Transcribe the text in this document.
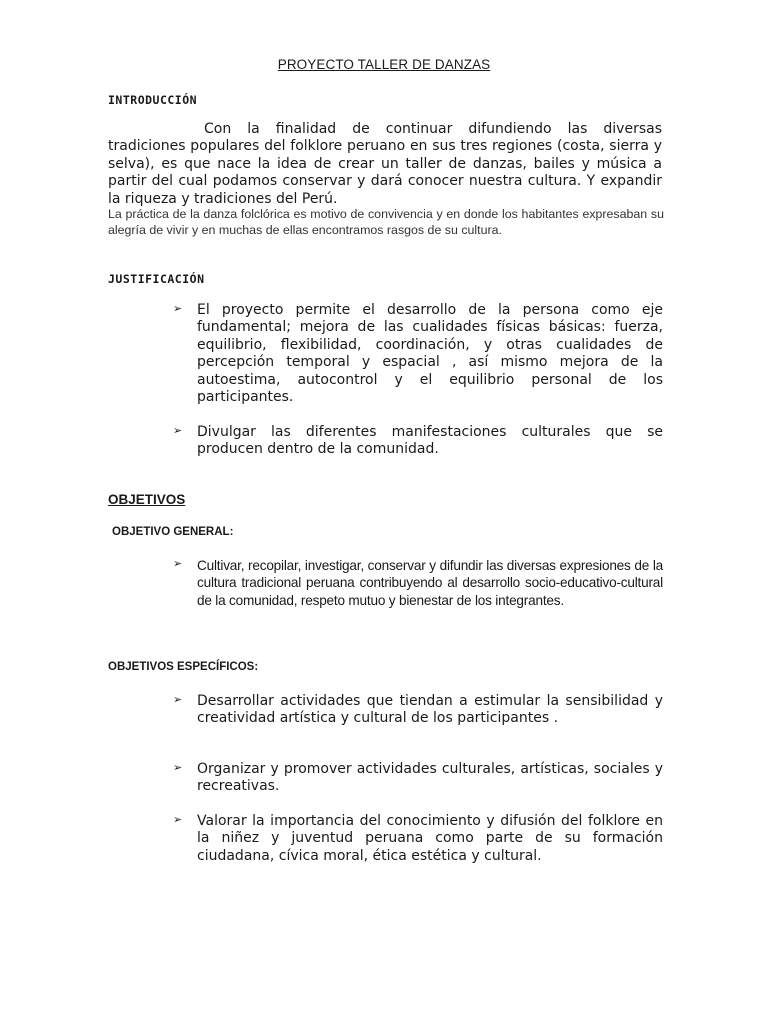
PROYECTO TALLER DE DANZAS
INTRODUCCIÓN

Con la finalidad de continuar difundiendo las diversas tradiciones populares del folklore peruano en sus tres regiones (costa, sierra y selva), es que nace la idea de crear un taller de danzas, bailes y música a partir del cual podamos conservar y dará conocer nuestra cultura. Y expandir la riqueza y tradiciones del Perú.

La práctica de la danza folclórica es motivo de convivencia y en donde los habitantes expresaban su alegría de vivir y en muchas de ellas encontramos rasgos de su cultura.

JUSTIFICACIÓN
➢	El proyecto permite el desarrollo de la persona como eje fundamental; mejora de las cualidades físicas básicas: fuerza, equilibrio, flexibilidad, coordinación, y otras cualidades de percepción temporal y espacial , así mismo mejora de la autoestima, autocontrol y el equilibrio personal de los participantes.
➢	Divulgar las diferentes manifestaciones culturales que se producen dentro de la comunidad.
OBJETIVOS
OBJETIVO GENERAL:
➢	Cultivar, recopilar, investigar, conservar y difundir las diversas expresiones de la cultura tradicional peruana contribuyendo al desarrollo socio-educativo-cultural de la comunidad, respeto mutuo y bienestar de los integrantes.
OBJETIVOS ESPECÍFICOS:
➢	Desarrollar actividades que tiendan a estimular la sensibilidad y creatividad artística y cultural de los participantes .
➢	Organizar y promover actividades culturales, artísticas, sociales y recreativas.
➢	Valorar la importancia del conocimiento y difusión del folklore en la niñez y juventud peruana como parte de su formación ciudadana, cívica moral, ética estética y cultural.
